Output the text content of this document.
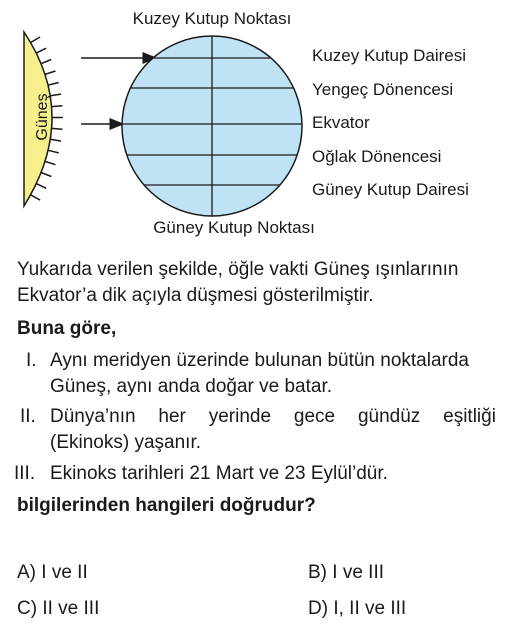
Güneş
Kuzey Kutup Noktası
Güney Kutup Noktası
Kuzey Kutup Dairesi
Yengeç Dönencesi
Ekvator
Oğlak Dönencesi
Güney Kutup Dairesi
Yukarıda verilen şekilde, öğle vakti Güneş ışınlarının
Ekvator’a dik açıyla düşmesi gösterilmiştir.
Buna göre,
I. Aynı meridyen üzerinde bulunan bütün noktalarda
Güneş, aynı anda doğar ve batar.
II. Dünya’nın her yerinde gece gündüz eşitliği
(Ekinoks) yaşanır.
III. Ekinoks tarihleri 21 Mart ve 23 Eylül’dür.
bilgilerinden hangileri doğrudur?
A) I ve II	B) I ve III
C) II ve III	D) I, II ve III
